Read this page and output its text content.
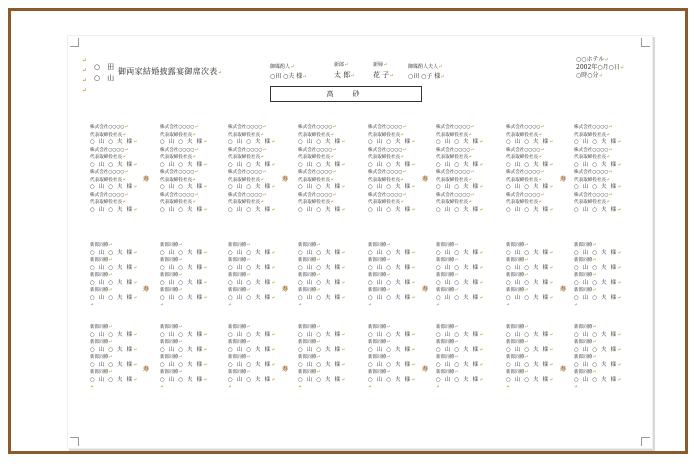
↵
↵
↵
↵
○　田
○　山
御両家結婚披露宴御席次表↵
御媒酌人↵
○田 ○夫 様↵
新郎↵
太 郎↵
新婦↵
花 子↵
御媒酌人夫人↵
○田 ○子 様↵
○○ホテル↵
2002年○月○日↵
○時○分↵
高　砂
株式会社○○○○↵
代表取締役社長↵
○ 山 ○ 夫 様↵
株式会社○○○○↵
代表取締役社長↵
○ 山 ○ 夫 様↵
株式会社○○○○↵
代表取締役社長↵
○ 山 ○ 夫 様↵
株式会社○○○○↵
代表取締役社長↵
○ 山 ○ 夫 様↵
株式会社○○○○↵
代表取締役社長↵
○ 山 ○ 夫 様↵
株式会社○○○○↵
代表取締役社長↵
○ 山 ○ 夫 様↵
株式会社○○○○↵
代表取締役社長↵
○ 山 ○ 夫 様↵
株式会社○○○○↵
代表取締役社長↵
○ 山 ○ 夫 様↵
株式会社○○○○↵
代表取締役社長↵
○ 山 ○ 夫 様↵
株式会社○○○○↵
代表取締役社長↵
○ 山 ○ 夫 様↵
株式会社○○○○↵
代表取締役社長↵
○ 山 ○ 夫 様↵
株式会社○○○○↵
代表取締役社長↵
○ 山 ○ 夫 様↵
株式会社○○○○↵
代表取締役社長↵
○ 山 ○ 夫 様↵
株式会社○○○○↵
代表取締役社長↵
○ 山 ○ 夫 様↵
株式会社○○○○↵
代表取締役社長↵
○ 山 ○ 夫 様↵
株式会社○○○○↵
代表取締役社長↵
○ 山 ○ 夫 様↵
株式会社○○○○↵
代表取締役社長↵
○ 山 ○ 夫 様↵
株式会社○○○○↵
代表取締役社長↵
○ 山 ○ 夫 様↵
株式会社○○○○↵
代表取締役社長↵
○ 山 ○ 夫 様↵
株式会社○○○○↵
代表取締役社長↵
○ 山 ○ 夫 様↵
株式会社○○○○↵
代表取締役社長↵
○ 山 ○ 夫 様↵
株式会社○○○○↵
代表取締役社長↵
○ 山 ○ 夫 様↵
株式会社○○○○↵
代表取締役社長↵
○ 山 ○ 夫 様↵
株式会社○○○○↵
代表取締役社長↵
○ 山 ○ 夫 様↵
株式会社○○○○↵
代表取締役社長↵
○ 山 ○ 夫 様↵
株式会社○○○○↵
代表取締役社長↵
○ 山 ○ 夫 様↵
株式会社○○○○↵
代表取締役社長↵
○ 山 ○ 夫 様↵
株式会社○○○○↵
代表取締役社長↵
○ 山 ○ 夫 様↵
株式会社○○○○↵
代表取締役社長↵
○ 山 ○ 夫 様↵
株式会社○○○○↵
代表取締役社長↵
○ 山 ○ 夫 様↵
株式会社○○○○↵
代表取締役社長↵
○ 山 ○ 夫 様↵
株式会社○○○○↵
代表取締役社長↵
○ 山 ○ 夫 様↵
新郎同僚↵
○ 山 ○ 夫 様↵
新郎同僚↵
○ 山 ○ 夫 様↵
新郎同僚↵
○ 山 ○ 夫 様↵
新郎同僚↵
○ 山 ○ 夫 様↵
↵
新郎同僚↵
○ 山 ○ 夫 様↵
新郎同僚↵
○ 山 ○ 夫 様↵
新郎同僚↵
○ 山 ○ 夫 様↵
新郎同僚↵
○ 山 ○ 夫 様↵
↵
新郎同僚↵
○ 山 ○ 夫 様↵
新郎同僚↵
○ 山 ○ 夫 様↵
新郎同僚↵
○ 山 ○ 夫 様↵
新郎同僚↵
○ 山 ○ 夫 様↵
↵
新郎同僚↵
○ 山 ○ 夫 様↵
新郎同僚↵
○ 山 ○ 夫 様↵
新郎同僚↵
○ 山 ○ 夫 様↵
新郎同僚↵
○ 山 ○ 夫 様↵
↵
新郎同僚↵
○ 山 ○ 夫 様↵
新郎同僚↵
○ 山 ○ 夫 様↵
新郎同僚↵
○ 山 ○ 夫 様↵
新郎同僚↵
○ 山 ○ 夫 様↵
↵
新郎同僚↵
○ 山 ○ 夫 様↵
新郎同僚↵
○ 山 ○ 夫 様↵
新郎同僚↵
○ 山 ○ 夫 様↵
新郎同僚↵
○ 山 ○ 夫 様↵
↵
新郎同僚↵
○ 山 ○ 夫 様↵
新郎同僚↵
○ 山 ○ 夫 様↵
新郎同僚↵
○ 山 ○ 夫 様↵
新郎同僚↵
○ 山 ○ 夫 様↵
↵
新郎同僚↵
○ 山 ○ 夫 様↵
新郎同僚↵
○ 山 ○ 夫 様↵
新郎同僚↵
○ 山 ○ 夫 様↵
新郎同僚↵
○ 山 ○ 夫 様↵
↵
新郎同僚↵
○ 山 ○ 夫 様↵
新郎同僚↵
○ 山 ○ 夫 様↵
新郎同僚↵
○ 山 ○ 夫 様↵
新郎同僚↵
○ 山 ○ 夫 様↵
↵
新郎同僚↵
○ 山 ○ 夫 様↵
新郎同僚↵
○ 山 ○ 夫 様↵
新郎同僚↵
○ 山 ○ 夫 様↵
新郎同僚↵
○ 山 ○ 夫 様↵
↵
新郎同僚↵
○ 山 ○ 夫 様↵
新郎同僚↵
○ 山 ○ 夫 様↵
新郎同僚↵
○ 山 ○ 夫 様↵
新郎同僚↵
○ 山 ○ 夫 様↵
↵
新郎同僚↵
○ 山 ○ 夫 様↵
新郎同僚↵
○ 山 ○ 夫 様↵
新郎同僚↵
○ 山 ○ 夫 様↵
新郎同僚↵
○ 山 ○ 夫 様↵
↵
新郎同僚↵
○ 山 ○ 夫 様↵
新郎同僚↵
○ 山 ○ 夫 様↵
新郎同僚↵
○ 山 ○ 夫 様↵
新郎同僚↵
○ 山 ○ 夫 様↵
↵
新郎同僚↵
○ 山 ○ 夫 様↵
新郎同僚↵
○ 山 ○ 夫 様↵
新郎同僚↵
○ 山 ○ 夫 様↵
新郎同僚↵
○ 山 ○ 夫 様↵
↵
新郎同僚↵
○ 山 ○ 夫 様↵
新郎同僚↵
○ 山 ○ 夫 様↵
新郎同僚↵
○ 山 ○ 夫 様↵
新郎同僚↵
○ 山 ○ 夫 様↵
↵
新郎同僚↵
○ 山 ○ 夫 様↵
新郎同僚↵
○ 山 ○ 夫 様↵
新郎同僚↵
○ 山 ○ 夫 様↵
新郎同僚↵
○ 山 ○ 夫 様↵
↵
寿	寿	寿	寿
寿	寿	寿	寿
寿	寿	寿	寿
